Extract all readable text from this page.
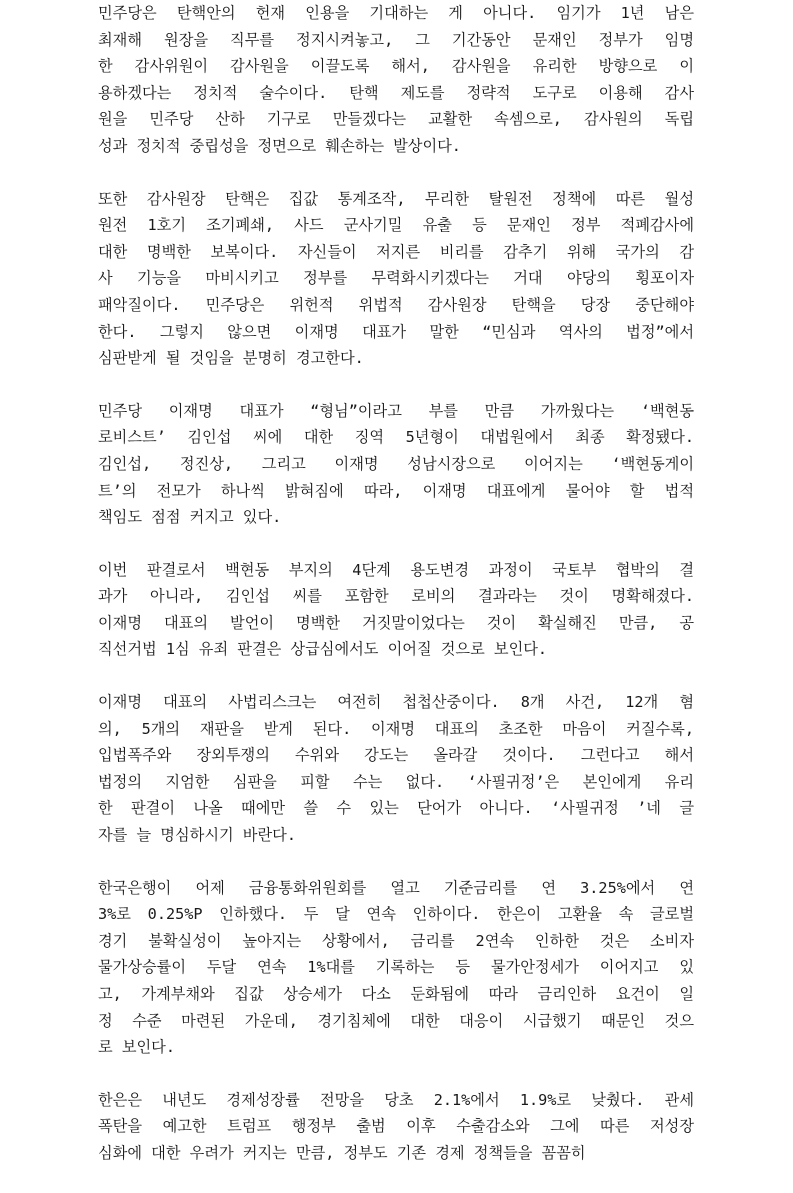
민주당은 탄핵안의 헌재 인용을 기대하는 게 아니다. 임기가 1년 남은
최재해 원장을 직무를 정지시켜놓고, 그 기간동안 문재인 정부가 임명
한 감사위원이 감사원을 이끌도록 해서, 감사원을 유리한 방향으로 이
용하겠다는 정치적 술수이다. 탄핵 제도를 정략적 도구로 이용해 감사
원을 민주당 산하 기구로 만들겠다는 교활한 속셈으로, 감사원의 독립
성과 정치적 중립성을 정면으로 훼손하는 발상이다.
또한 감사원장 탄핵은 집값 통계조작, 무리한 탈원전 정책에 따른 월성
원전 1호기 조기폐쇄, 사드 군사기밀 유출 등 문재인 정부 적폐감사에
대한 명백한 보복이다. 자신들이 저지른 비리를 감추기 위해 국가의 감
사 기능을 마비시키고 정부를 무력화시키겠다는 거대 야당의 횡포이자
패악질이다. 민주당은 위헌적 위법적 감사원장 탄핵을 당장 중단해야
한다. 그렇지 않으면 이재명 대표가 말한 “민심과 역사의 법정”에서
심판받게 될 것임을 분명히 경고한다.
민주당 이재명 대표가 “형님”이라고 부를 만큼 가까웠다는 ‘백현동
로비스트’ 김인섭 씨에 대한 징역 5년형이 대법원에서 최종 확정됐다.
김인섭, 정진상, 그리고 이재명 성남시장으로 이어지는 ‘백현동게이
트’의 전모가 하나씩 밝혀짐에 따라, 이재명 대표에게 물어야 할 법적
책임도 점점 커지고 있다.
이번 판결로서 백현동 부지의 4단계 용도변경 과정이 국토부 협박의 결
과가 아니라, 김인섭 씨를 포함한 로비의 결과라는 것이 명확해졌다.
이재명 대표의 발언이 명백한 거짓말이었다는 것이 확실해진 만큼, 공
직선거법 1심 유죄 판결은 상급심에서도 이어질 것으로 보인다.
이재명 대표의 사법리스크는 여전히 첩첩산중이다. 8개 사건, 12개 혐
의, 5개의 재판을 받게 된다. 이재명 대표의 초조한 마음이 커질수록,
입법폭주와 장외투쟁의 수위와 강도는 올라갈 것이다. 그런다고 해서
법정의 지엄한 심판을 피할 수는 없다. ‘사필귀정’은 본인에게 유리
한 판결이 나올 때에만 쓸 수 있는 단어가 아니다. ‘사필귀정 ’네 글
자를 늘 명심하시기 바란다.
한국은행이 어제 금융통화위원회를 열고 기준금리를 연 3.25%에서 연
3%로 0.25%P 인하했다. 두 달 연속 인하이다. 한은이 고환율 속 글로벌
경기 불확실성이 높아지는 상황에서, 금리를 2연속 인하한 것은 소비자
물가상승률이 두달 연속 1%대를 기록하는 등 물가안정세가 이어지고 있
고, 가계부채와 집값 상승세가 다소 둔화됨에 따라 금리인하 요건이 일
정 수준 마련된 가운데, 경기침체에 대한 대응이 시급했기 때문인 것으
로 보인다.
한은은 내년도 경제성장률 전망을 당초 2.1%에서 1.9%로 낮췄다. 관세
폭탄을 예고한 트럼프 행정부 출범 이후 수출감소와 그에 따른 저성장
심화에 대한 우려가 커지는 만큼, 정부도 기존 경제 정책들을 꼼꼼히
